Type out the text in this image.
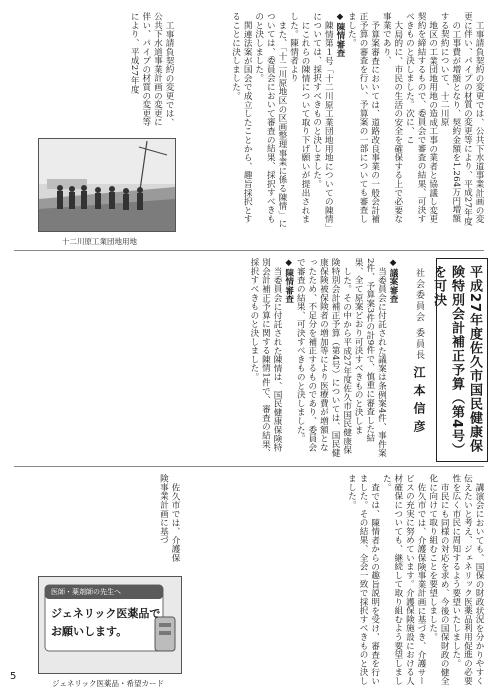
工事請負契約の変更では、公共下水道事業計画の変更に伴い、パイプの材質の変更等により、平成27年度

の工事費が増額となり、契約金額を1,264万円増額する契約について、十二川原

地区の工業団地用地の造成工事の業者と協議し変更契約を締結するもので、委員会で審査の結果、可決すべきものと決しました。次に、こ

大局的に、市民の生活の安全を確保する上で必要な事業であり、

予算案審査においては、道路改良事業の一般会計補正予算の審査を行い、予算案の一部についても審査しました。

◆陳情審査

陳情第１号「十二川原工業団地用地についての陳情」については、採択すべきものと決しました。

にこれらの陳情について取り下げ願いが提出されました。陳情者より

また、「十二川原地区の区画整理事業に係る陳情」については、委員会において審査の結果、採択すべきものと決しました。

関連法案が国会で成立したことから、趣旨採択とすることに決しました。

工事請負契約の変更では、公共下水道事業計画の変更に伴い、パイプの材質の変更等により、平成27年度

十二川原工業団地用地
平成27年度佐久市国民健康保険特別会計補正予算（第4号）を可決
社会委員会 委員長 江本信彦

◆議案審査

当委員会に付託された議案は条例案4件、事件案2件、予算案3件の計9件で、慎重に審査した結果、全て原案どおり可決すべきものと決しま

した。その中から平成27年度佐久市国民健康保険特別会計補正予算（第4号）については、国民健康保険被保険者の増加等により医療費が増額となったため、不足分を補正するものであり、委員会で審査の結果、可決すべきものと決しました。

◆陳情審査

当委員会に付託された陳情は、国民健康保険特別会計補正予算に関する陳情1件で、審査の結果、採択すべきものと決しました。

講演会においても、国保の財政状況を分かりやすく伝えたいと考え、ジェネリック医薬品利用促進の必要性を広く市民に周知するよう要望いたしました。

市民にも同様の対応を求め、今後の国保財政の健全化に向けて取り組むことを要望しました。

佐久市では、介護保険事業計画に基づき、介護サービスの充実に努めています。介護保険施設における人材確保についても、継続して取り組むよう要望しました。

査では、陳情者からの趣旨説明を受け、審査を行いました。その結果、全会一致で採択すべきものと決しました。

佐久市では、介護保険事業計画に基づ

医師・薬剤師の先生へ
ジェネリック医薬品で
お願いします。
ジェネリック医薬品・希望カード
5
